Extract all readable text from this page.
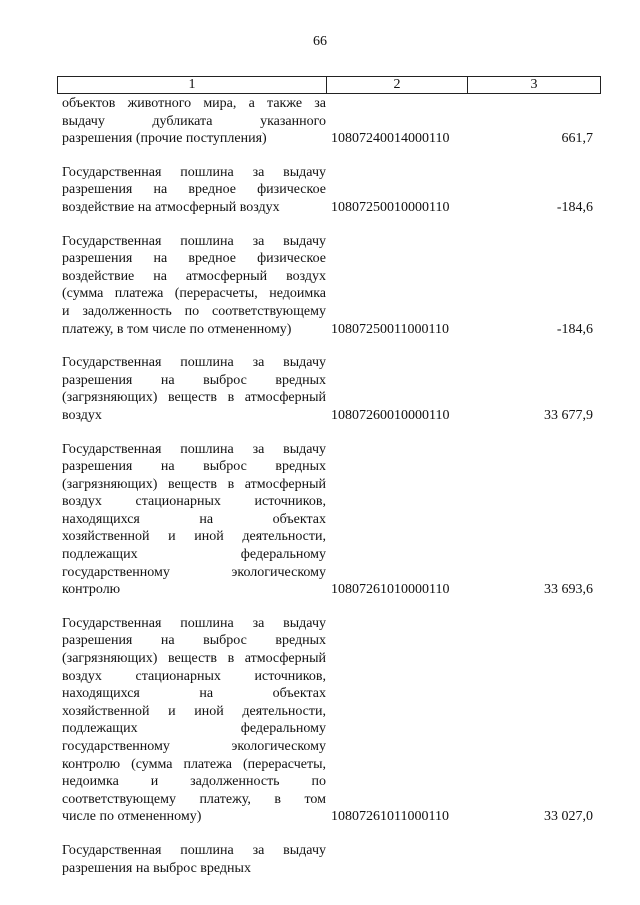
66
1	2	3
объектов животного мира, а также за
выдачу дубликата указанного
разрешения (прочие поступления)	10807240014000110	661,7
Государственная пошлина за выдачу
разрешения на вредное физическое
воздействие на атмосферный воздух	10807250010000110	-184,6
Государственная пошлина за выдачу
разрешения на вредное физическое
воздействие на атмосферный воздух
(сумма платежа (перерасчеты, недоимка
и задолженность по соответствующему
платежу, в том числе по отмененному)	10807250011000110	-184,6
Государственная пошлина за выдачу
разрешения на выброс вредных
(загрязняющих) веществ в атмосферный
воздух	10807260010000110	33 677,9
Государственная пошлина за выдачу
разрешения на выброс вредных
(загрязняющих) веществ в атмосферный
воздух стационарных источников,
находящихся на объектах
хозяйственной и иной деятельности,
подлежащих федеральному
государственному экологическому
контролю	10807261010000110	33 693,6
Государственная пошлина за выдачу
разрешения на выброс вредных
(загрязняющих) веществ в атмосферный
воздух стационарных источников,
находящихся на объектах
хозяйственной и иной деятельности,
подлежащих федеральному
государственному экологическому
контролю (сумма платежа (перерасчеты,
недоимка и задолженность по
соответствующему платежу, в том
числе по отмененному)	10807261011000110	33 027,0
Государственная пошлина за выдачу
разрешения на выброс вредных
